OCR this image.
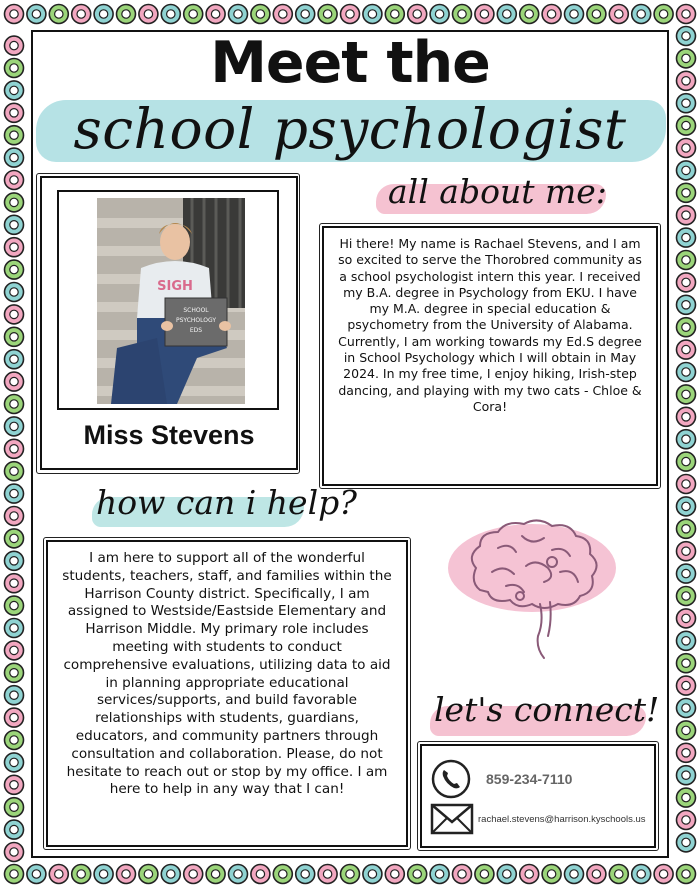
Meet the
school psychologist
SIGH
SCHOOL
PSYCHOLOGY
EDS
Miss Stevens
all about me:
Hi there! My name is Rachael Stevens, and I am so excited to serve the Thorobred community as a school psychologist intern this year. I received my B.A. degree in Psychology from EKU. I have my M.A. degree in special education & psychometry from the University of Alabama. Currently, I am working towards my Ed.S degree in School Psychology which I will obtain in May 2024. In my free time, I enjoy hiking, Irish-step dancing, and playing with my two cats - Chloe & Cora!
how can i help?
I am here to support all of the wonderful students, teachers, staff, and families within the Harrison County district. Specifically, I am assigned to Westside/Eastside Elementary and Harrison Middle. My primary role includes meeting with students to conduct comprehensive evaluations, utilizing data to aid in planning appropriate educational services/supports, and build favorable relationships with students, guardians, educators, and community partners through consultation and collaboration. Please, do not hesitate to reach out or stop by my office. I am here to help in any way that I can!
let's connect!
859-234-7110
rachael.stevens@harrison.kyschools.us
